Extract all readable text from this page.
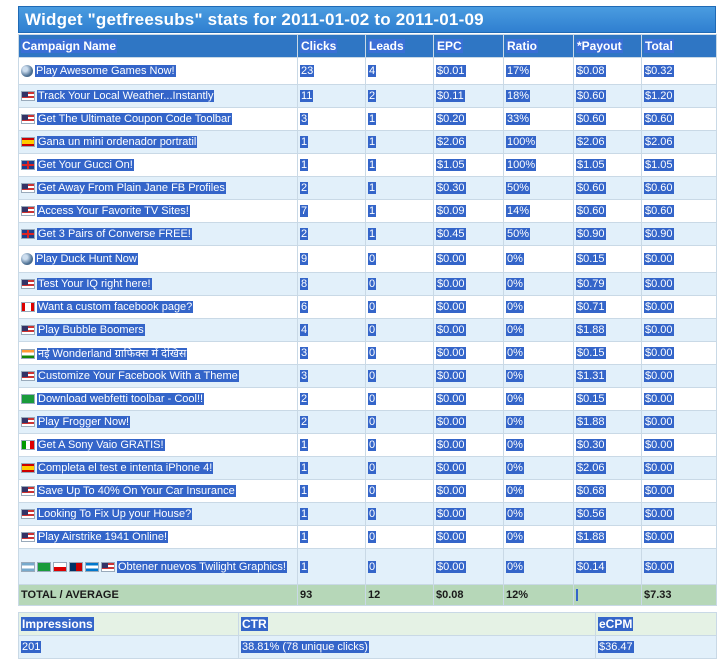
Widget "getfreesubs" stats for 2011-01-02 to 2011-01-09
Campaign Name	Clicks	Leads	EPC	Ratio	*Payout	Total
Play Awesome Games Now!	23	4	$0.01	17%	$0.08	$0.32
Track Your Local Weather...Instantly	11	2	$0.11	18%	$0.60	$1.20
Get The Ultimate Coupon Code Toolbar	3	1	$0.20	33%	$0.60	$0.60
Gana un mini ordenador portratil	1	1	$2.06	100%	$2.06	$2.06
Get Your Gucci On!	1	1	$1.05	100%	$1.05	$1.05
Get Away From Plain Jane FB Profiles	2	1	$0.30	50%	$0.60	$0.60
Access Your Favorite TV Sites!	7	1	$0.09	14%	$0.60	$0.60
Get 3 Pairs of Converse FREE!	2	1	$0.45	50%	$0.90	$0.90
Play Duck Hunt Now	9	0	$0.00	0%	$0.15	$0.00
Test Your IQ right here!	8	0	$0.00	0%	$0.79	$0.00
Want a custom facebook page?	6	0	$0.00	0%	$0.71	$0.00
Play Bubble Boomers	4	0	$0.00	0%	$1.88	$0.00
नई Wonderland ग्राफिक्स में देखिस	3	0	$0.00	0%	$0.15	$0.00
Customize Your Facebook With a Theme	3	0	$0.00	0%	$1.31	$0.00
Download webfetti toolbar - Cool!!	2	0	$0.00	0%	$0.15	$0.00
Play Frogger Now!	2	0	$0.00	0%	$1.88	$0.00
Get A Sony Vaio GRATIS!	1	0	$0.00	0%	$0.30	$0.00
Completa el test e intenta iPhone 4!	1	0	$0.00	0%	$2.06	$0.00
Save Up To 40% On Your Car Insurance	1	0	$0.00	0%	$0.68	$0.00
Looking To Fix Up your House?	1	0	$0.00	0%	$0.56	$0.00
Play Airstrike 1941 Online!	1	0	$0.00	0%	$1.88	$0.00
Obtener nuevos Twilight Graphics!	1	0	$0.00	0%	$0.14	$0.00
TOTAL / AVERAGE	93	12	$0.08	12%		$7.33
Impressions	CTR	eCPM
201	38.81% (78 unique clicks)	$36.47
